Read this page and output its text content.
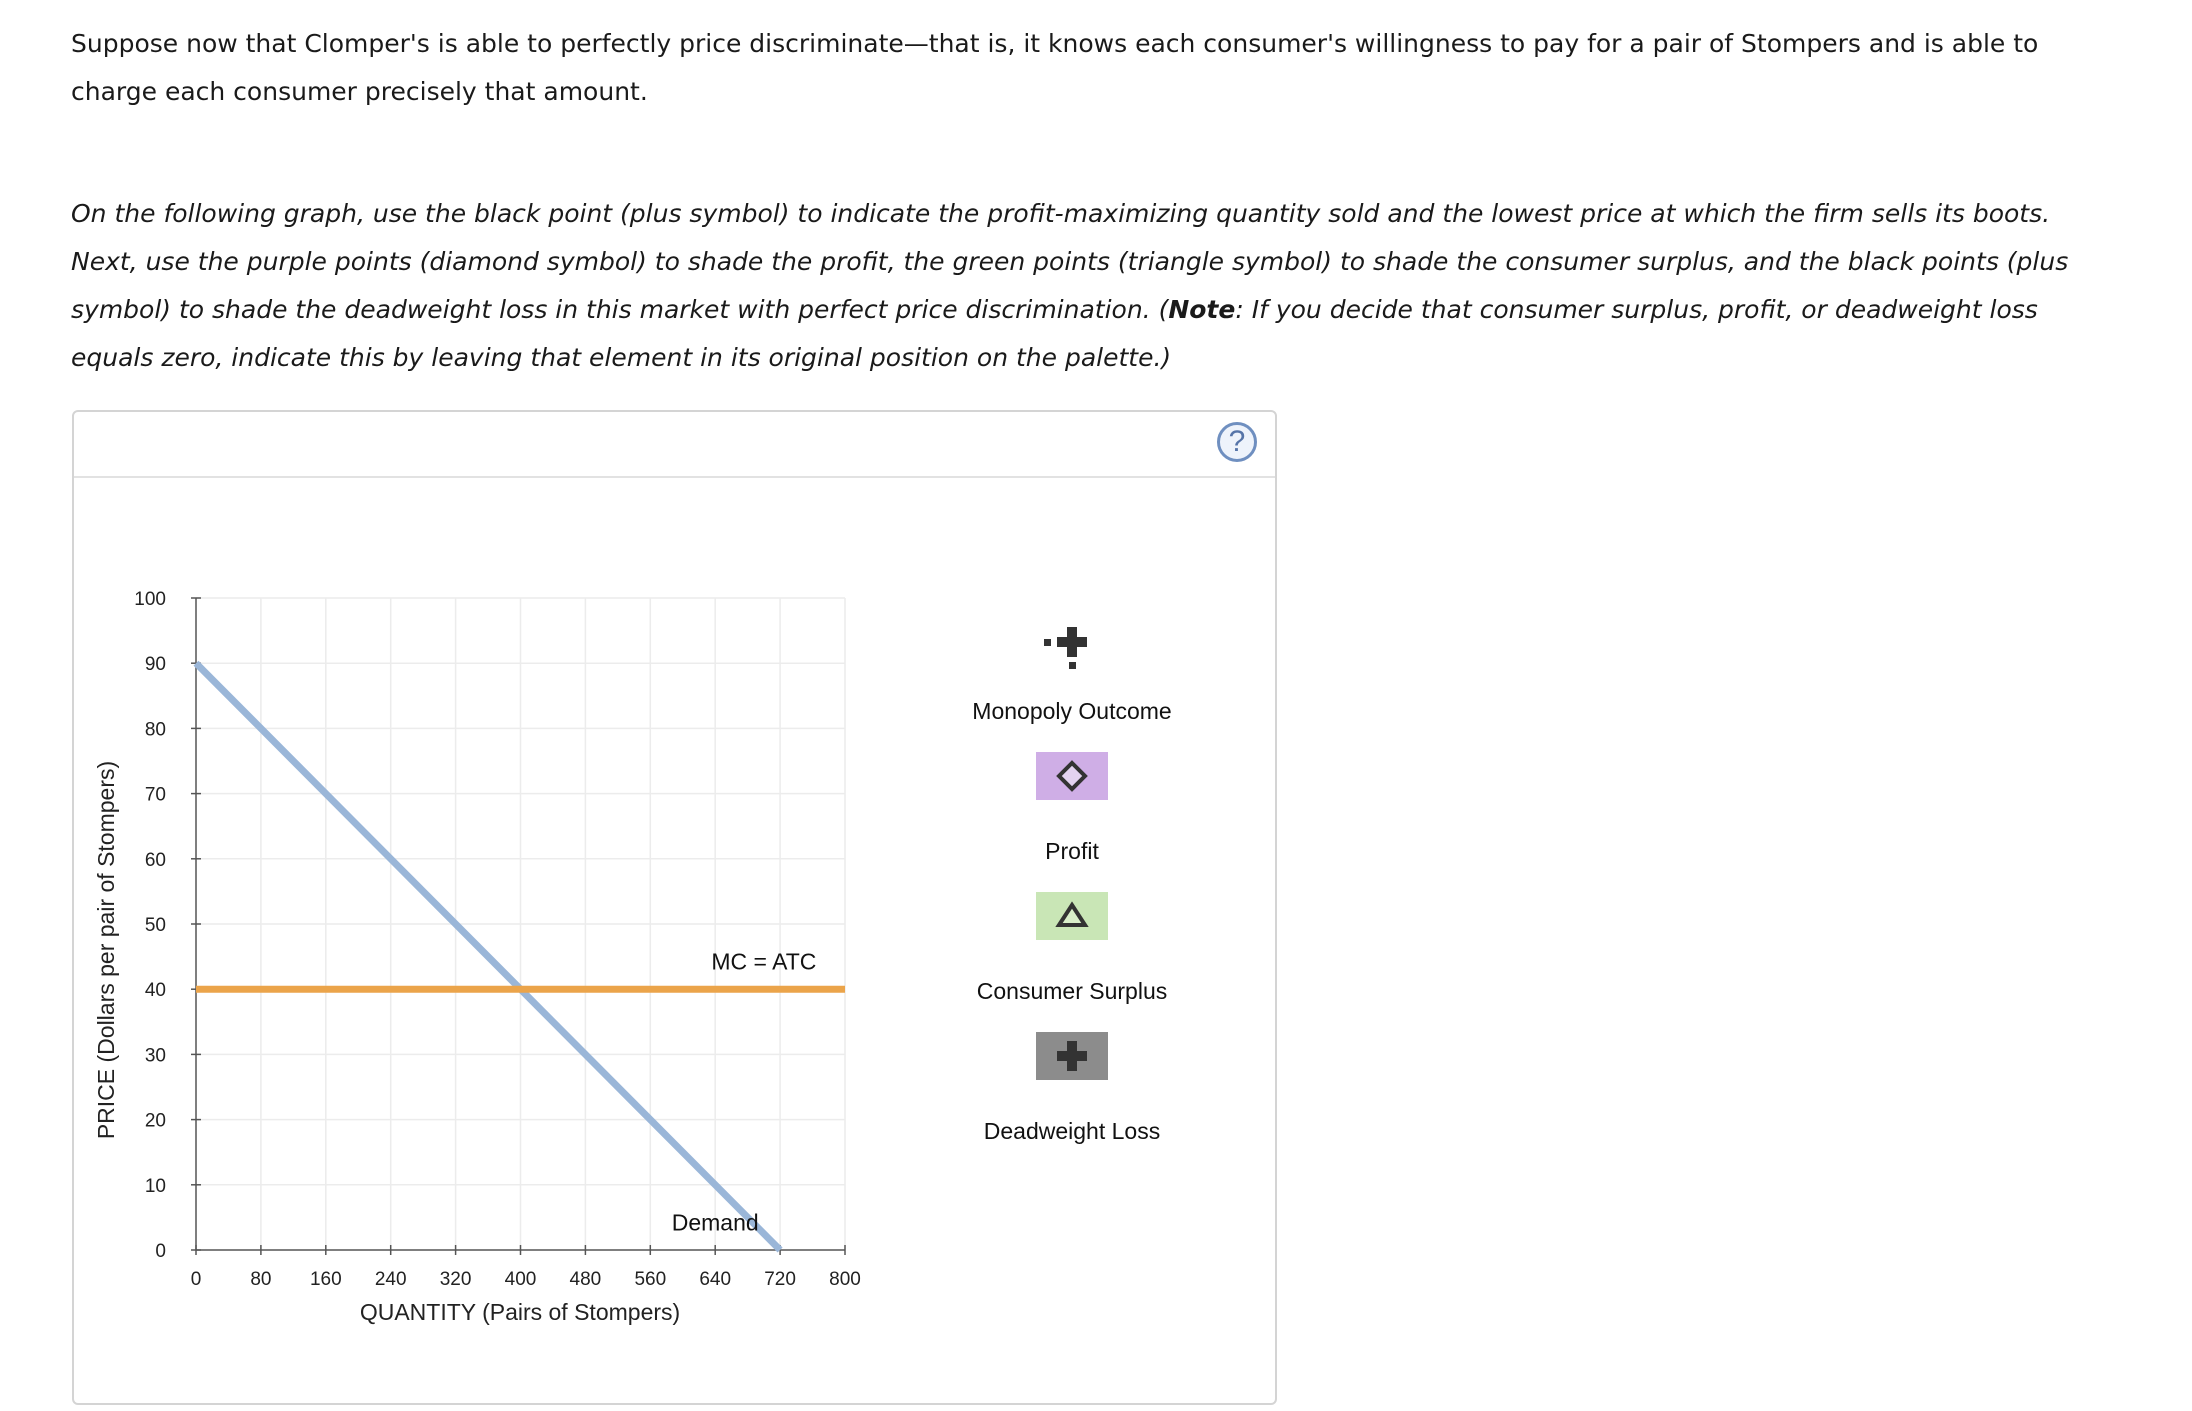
Suppose now that Clomper's is able to perfectly price discriminate—that is, it knows each consumer's willingness to pay for a pair of Stompers and is able to charge each consumer precisely that amount.

On the following graph, use the black point (plus symbol) to indicate the profit-maximizing quantity sold and the lowest price at which the firm sells its boots. Next, use the purple points (diamond symbol) to shade the profit, the green points (triangle symbol) to shade the consumer surplus, and the black points (plus symbol) to shade the deadweight loss in this market with perfect price discrimination. (Note: If you decide that consumer surplus, profit, or deadweight loss equals zero, indicate this by leaving that element in its original position on the palette.)

?
0	80 160 240 320 400 480 560 640 720 800
0
10
20
30
40
50
60
70
80
90
100
MC = ATC
Demand
QUANTITY (Pairs of Stompers)
PRICE (Dollars per pair of Stompers)
Monopoly Outcome
Profit
Consumer Surplus
Deadweight Loss
